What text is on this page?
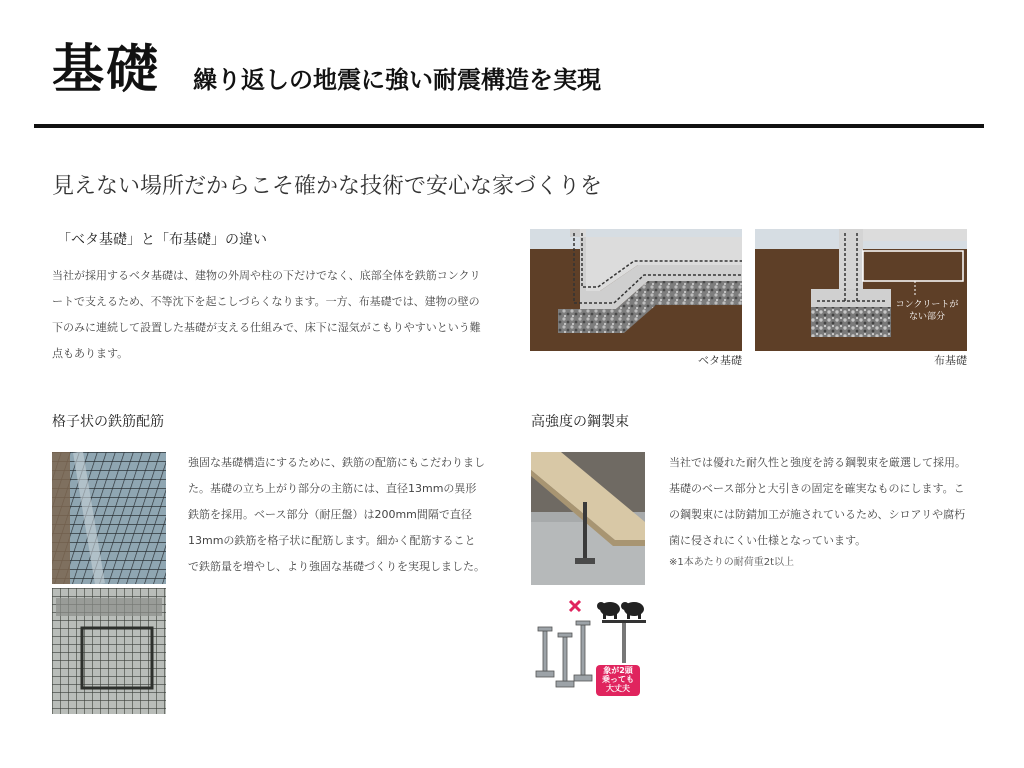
基礎 繰り返しの地震に強い耐震構造を実現
見えない場所だからこそ確かな技術で安心な家づくりを
「ベタ基礎」と「布基礎」の違い
当社が採用するベタ基礎は、建物の外周や柱の下だけでなく、底部全体を鉄筋コンクリートで支えるため、不等沈下を起こしづらくなります。一方、布基礎では、建物の壁の下のみに連続して設置した基礎が支える仕組みで、床下に湿気がこもりやすいという難点もあります。
ベタ基礎
コンクリートが
ない部分
布基礎
格子状の鉄筋配筋
強固な基礎構造にするために、鉄筋の配筋にもこだわりました。基礎の立ち上がり部分の主筋には、直径13mmの異形鉄筋を採用。ベース部分（耐圧盤）は200mm間隔で直径13mmの鉄筋を格子状に配筋します。細かく配筋することで鉄筋量を増やし、より強固な基礎づくりを実現しました。
高強度の鋼製束
象が2頭
乗っても
大丈夫
当社では優れた耐久性と強度を誇る鋼製束を厳選して採用。基礎のベース部分と大引きの固定を確実なものにします。この鋼製束には防錆加工が施されているため、シロアリや腐朽菌に侵されにくい仕様となっています。
※1本あたりの耐荷重2t以上
